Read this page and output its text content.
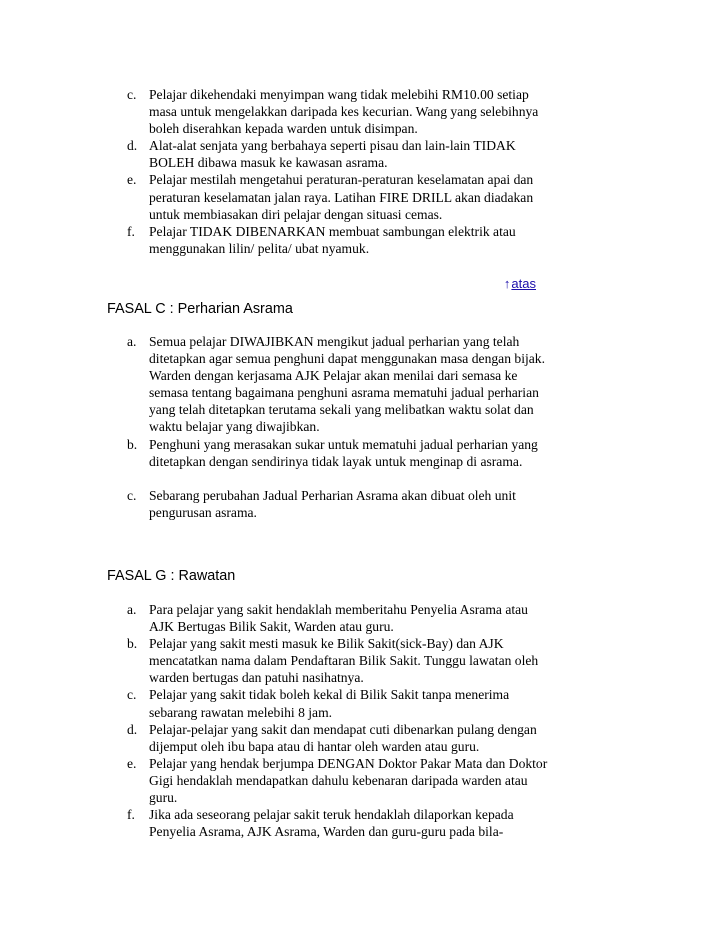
c. Pelajar dikehendaki menyimpan wang tidak melebihi RM10.00 setiap masa untuk mengelakkan daripada kes kecurian. Wang yang selebihnya boleh diserahkan kepada warden untuk disimpan.
d. Alat-alat senjata yang berbahaya seperti pisau dan lain-lain TIDAK BOLEH dibawa masuk ke kawasan asrama.
e. Pelajar mestilah mengetahui peraturan-peraturan keselamatan apai dan peraturan keselamatan jalan raya. Latihan FIRE DRILL akan diadakan untuk membiasakan diri pelajar dengan situasi cemas.
f. Pelajar TIDAK DIBENARKAN membuat sambungan elektrik atau menggunakan lilin/ pelita/ ubat nyamuk.
↑atas
FASAL C : Perharian Asrama
a. Semua pelajar DIWAJIBKAN mengikut jadual perharian yang telah ditetapkan agar semua penghuni dapat menggunakan masa dengan bijak. Warden dengan kerjasama AJK Pelajar akan menilai dari semasa ke semasa tentang bagaimana penghuni asrama mematuhi jadual perharian yang telah ditetapkan terutama sekali yang melibatkan waktu solat dan waktu belajar yang diwajibkan.
b. Penghuni yang merasakan sukar untuk mematuhi jadual perharian yang ditetapkan dengan sendirinya tidak layak untuk menginap di asrama.
c. Sebarang perubahan Jadual Perharian Asrama akan dibuat oleh unit pengurusan asrama.
FASAL G : Rawatan
a. Para pelajar yang sakit hendaklah memberitahu Penyelia Asrama atau AJK Bertugas Bilik Sakit, Warden atau guru.
b. Pelajar yang sakit mesti masuk ke Bilik Sakit(sick-Bay) dan AJK mencatatkan nama dalam Pendaftaran Bilik Sakit. Tunggu lawatan oleh warden bertugas dan patuhi nasihatnya.
c. Pelajar yang sakit tidak boleh kekal di Bilik Sakit tanpa menerima sebarang rawatan melebihi 8 jam.
d. Pelajar-pelajar yang sakit dan mendapat cuti dibenarkan pulang dengan dijemput oleh ibu bapa atau di hantar oleh warden atau guru.
e. Pelajar yang hendak berjumpa DENGAN Doktor Pakar Mata dan Doktor Gigi hendaklah mendapatkan dahulu kebenaran daripada warden atau guru.
f. Jika ada seseorang pelajar sakit teruk hendaklah dilaporkan kepada Penyelia Asrama, AJK Asrama, Warden dan guru-guru pada bila-
